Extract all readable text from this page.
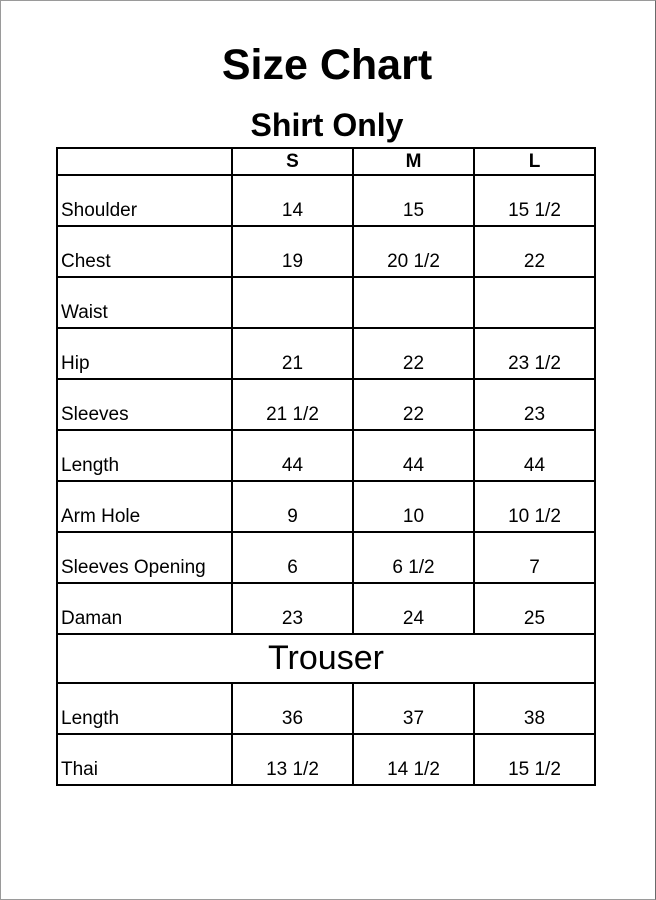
Size Chart
Shirt Only
	S	M	L
Shoulder	14	15	15 1/2
Chest	19	20 1/2	22
Waist			
Hip	21	22	23 1/2
Sleeves	21 1/2	22	23
Length	44	44	44
Arm Hole	9	10	10 1/2
Sleeves Opening	6	6 1/2	7
Daman	23	24	25
Trouser			
Length	36	37	38
Thai	13 1/2	14 1/2	15 1/2
